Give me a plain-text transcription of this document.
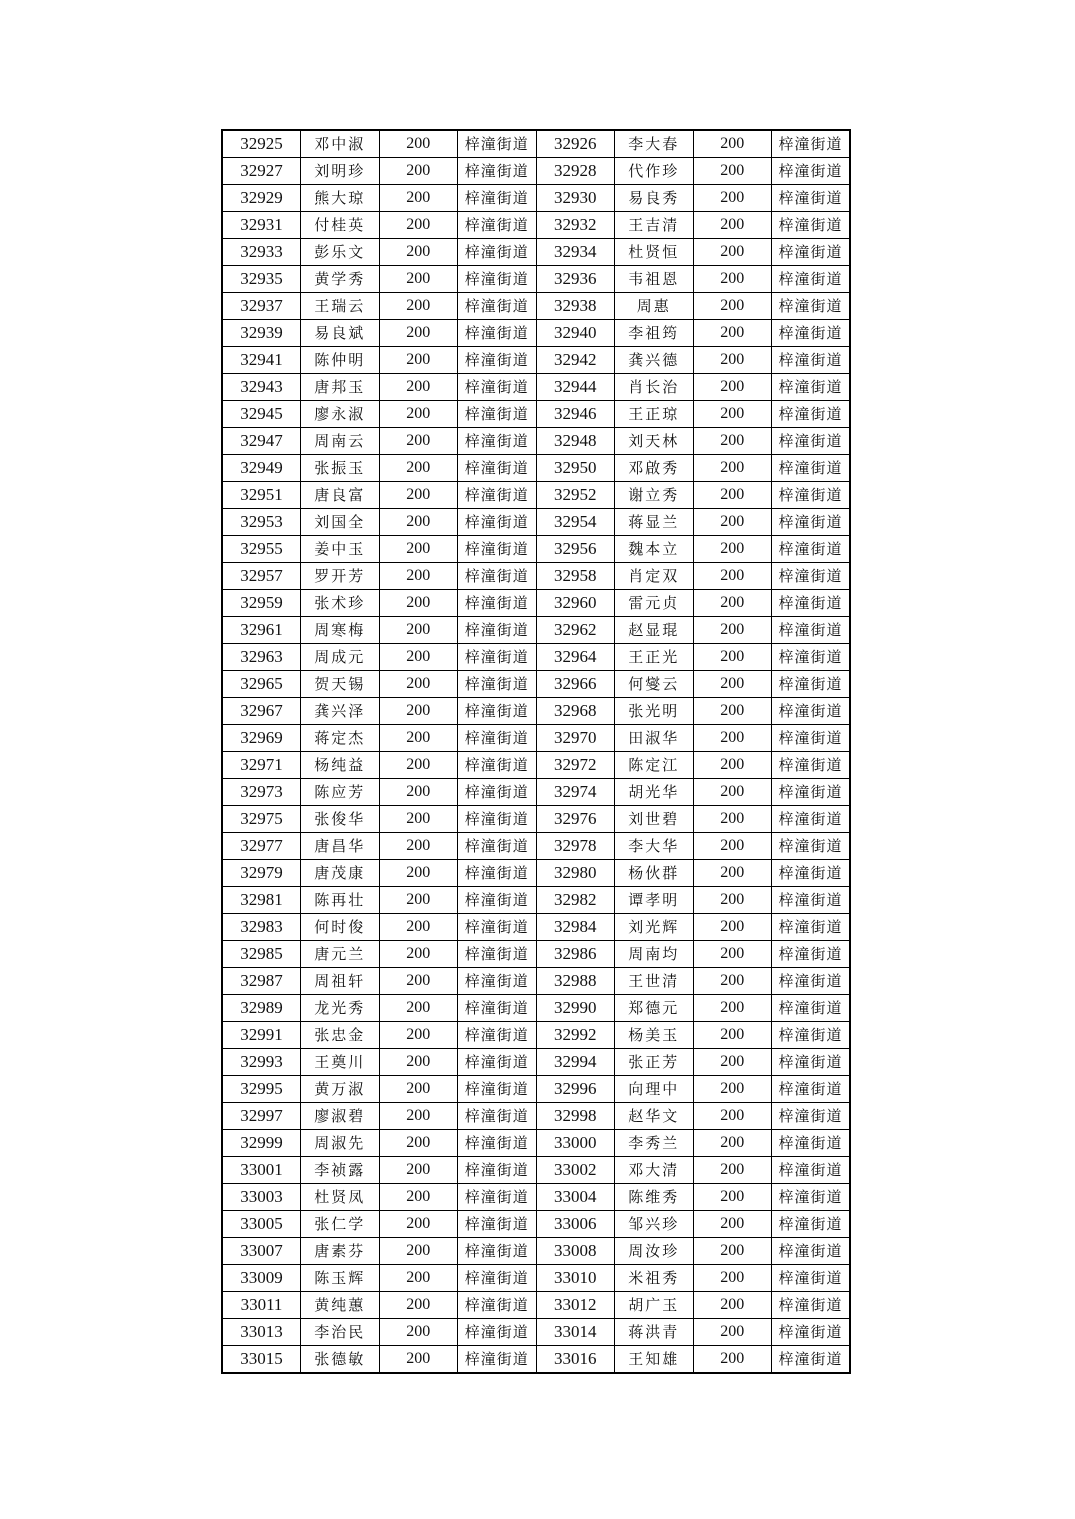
32925	邓中淑	200	梓潼街道	32926	李大春	200	梓潼街道
32927	刘明珍	200	梓潼街道	32928	代作珍	200	梓潼街道
32929	熊大琼	200	梓潼街道	32930	易良秀	200	梓潼街道
32931	付桂英	200	梓潼街道	32932	王吉清	200	梓潼街道
32933	彭乐文	200	梓潼街道	32934	杜贤恒	200	梓潼街道
32935	黄学秀	200	梓潼街道	32936	韦祖恩	200	梓潼街道
32937	王瑞云	200	梓潼街道	32938	周惠	200	梓潼街道
32939	易良斌	200	梓潼街道	32940	李祖筠	200	梓潼街道
32941	陈仲明	200	梓潼街道	32942	龚兴德	200	梓潼街道
32943	唐邦玉	200	梓潼街道	32944	肖长治	200	梓潼街道
32945	廖永淑	200	梓潼街道	32946	王正琼	200	梓潼街道
32947	周南云	200	梓潼街道	32948	刘天林	200	梓潼街道
32949	张振玉	200	梓潼街道	32950	邓啟秀	200	梓潼街道
32951	唐良富	200	梓潼街道	32952	谢立秀	200	梓潼街道
32953	刘国全	200	梓潼街道	32954	蒋显兰	200	梓潼街道
32955	姜中玉	200	梓潼街道	32956	魏本立	200	梓潼街道
32957	罗开芳	200	梓潼街道	32958	肖定双	200	梓潼街道
32959	张术珍	200	梓潼街道	32960	雷元贞	200	梓潼街道
32961	周寒梅	200	梓潼街道	32962	赵显琨	200	梓潼街道
32963	周成元	200	梓潼街道	32964	王正光	200	梓潼街道
32965	贺天锡	200	梓潼街道	32966	何燮云	200	梓潼街道
32967	龚兴泽	200	梓潼街道	32968	张光明	200	梓潼街道
32969	蒋定杰	200	梓潼街道	32970	田淑华	200	梓潼街道
32971	杨纯益	200	梓潼街道	32972	陈定江	200	梓潼街道
32973	陈应芳	200	梓潼街道	32974	胡光华	200	梓潼街道
32975	张俊华	200	梓潼街道	32976	刘世碧	200	梓潼街道
32977	唐昌华	200	梓潼街道	32978	李大华	200	梓潼街道
32979	唐茂康	200	梓潼街道	32980	杨伙群	200	梓潼街道
32981	陈再壮	200	梓潼街道	32982	谭孝明	200	梓潼街道
32983	何时俊	200	梓潼街道	32984	刘光辉	200	梓潼街道
32985	唐元兰	200	梓潼街道	32986	周南均	200	梓潼街道
32987	周祖轩	200	梓潼街道	32988	王世清	200	梓潼街道
32989	龙光秀	200	梓潼街道	32990	郑德元	200	梓潼街道
32991	张忠金	200	梓潼街道	32992	杨美玉	200	梓潼街道
32993	王奠川	200	梓潼街道	32994	张正芳	200	梓潼街道
32995	黄万淑	200	梓潼街道	32996	向理中	200	梓潼街道
32997	廖淑碧	200	梓潼街道	32998	赵华文	200	梓潼街道
32999	周淑先	200	梓潼街道	33000	李秀兰	200	梓潼街道
33001	李祯露	200	梓潼街道	33002	邓大清	200	梓潼街道
33003	杜贤凤	200	梓潼街道	33004	陈维秀	200	梓潼街道
33005	张仁学	200	梓潼街道	33006	邹兴珍	200	梓潼街道
33007	唐素芬	200	梓潼街道	33008	周汝珍	200	梓潼街道
33009	陈玉辉	200	梓潼街道	33010	米祖秀	200	梓潼街道
33011	黄纯蕙	200	梓潼街道	33012	胡广玉	200	梓潼街道
33013	李治民	200	梓潼街道	33014	蒋洪青	200	梓潼街道
33015	张德敏	200	梓潼街道	33016	王知雄	200	梓潼街道
